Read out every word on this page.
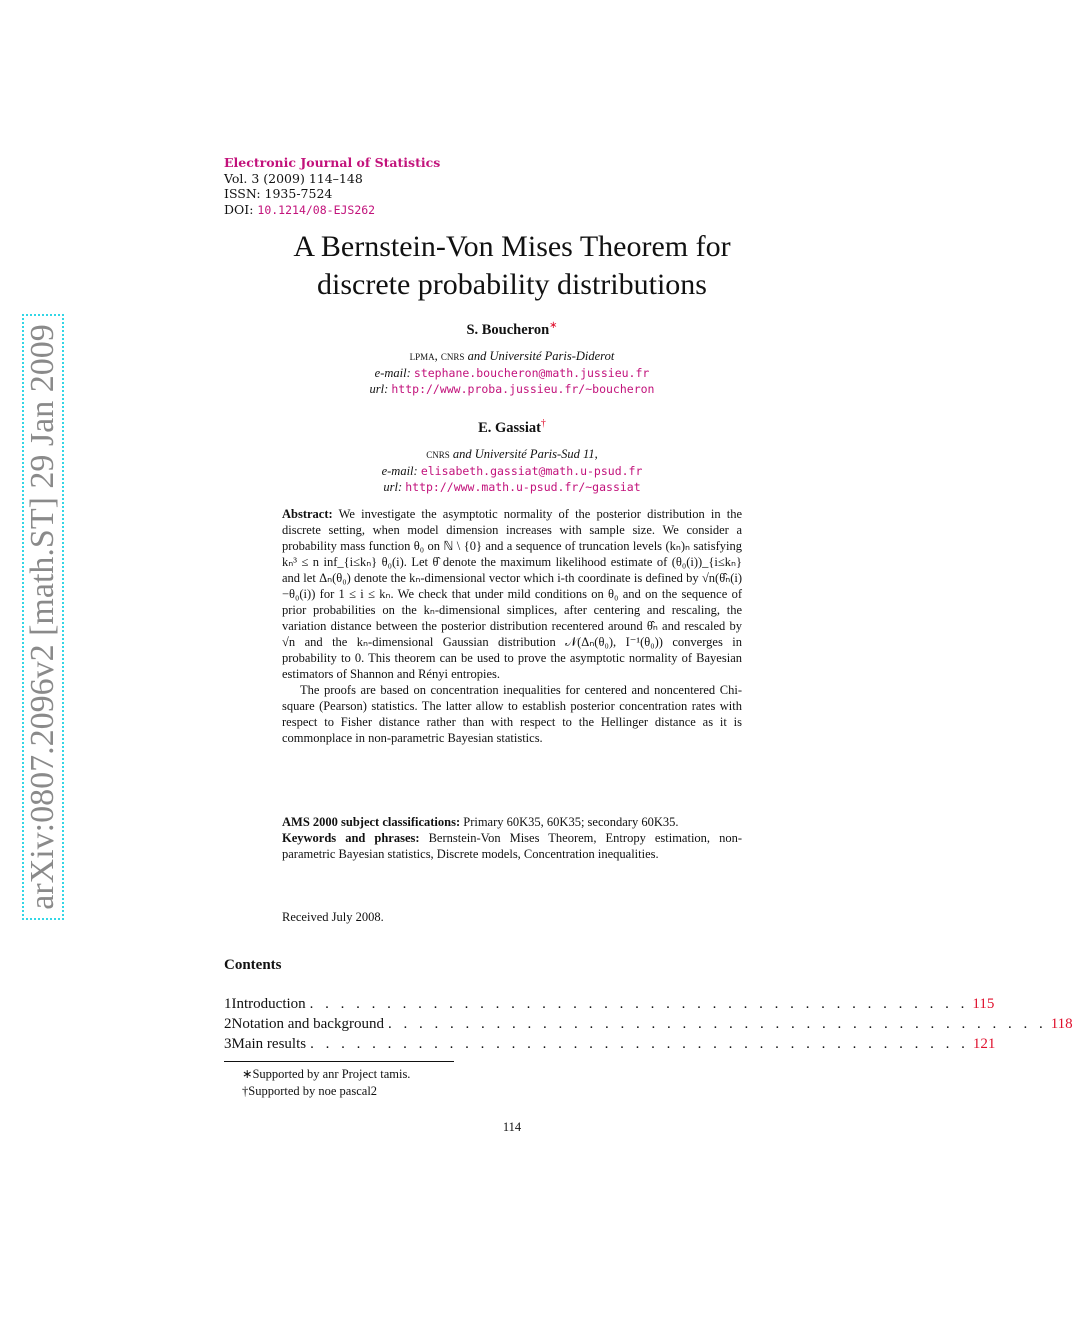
arXiv:0807.2096v2 [math.ST] 29 Jan 2009
Electronic Journal of Statistics
Vol. 3 (2009) 114–148
ISSN: 1935-7524
DOI: 10.1214/08-EJS262
A Bernstein-Von Mises Theorem for
discrete probability distributions
S. Boucheron∗
lpma, cnrs and Université Paris-Diderot
e-mail: stephane.boucheron@math.jussieu.fr
url: http://www.proba.jussieu.fr/~boucheron
E. Gassiat†
cnrs and Université Paris-Sud 11,
e-mail: elisabeth.gassiat@math.u-psud.fr
url: http://www.math.u-psud.fr/~gassiat

Abstract: We investigate the asymptotic normality of the posterior distribution in the discrete setting, when model dimension increases with sample size. We consider a probability mass function θ₀ on ℕ \ {0} and a sequence of truncation levels (kₙ)ₙ satisfying kₙ³ ≤ n inf_{i≤kₙ} θ₀(i). Let θ̂ denote the maximum likelihood estimate of (θ₀(i))_{i≤kₙ} and let Δₙ(θ₀) denote the kₙ-dimensional vector which i-th coordinate is defined by √n(θ̂ₙ(i)−θ₀(i)) for 1 ≤ i ≤ kₙ. We check that under mild conditions on θ₀ and on the sequence of prior probabilities on the kₙ-dimensional simplices, after centering and rescaling, the variation distance between the posterior distribution recentered around θ̂ₙ and rescaled by √n and the kₙ-dimensional Gaussian distribution 𝒩(Δₙ(θ₀), I⁻¹(θ₀)) converges in probability to 0. This theorem can be used to prove the asymptotic normality of Bayesian estimators of Shannon and Rényi entropies.

The proofs are based on concentration inequalities for centered and noncentered Chi-square (Pearson) statistics. The latter allow to establish posterior concentration rates with respect to Fisher distance rather than with respect to the Hellinger distance as it is commonplace in non-parametric Bayesian statistics.

AMS 2000 subject classifications: Primary 60K35, 60K35; secondary 60K35.

Keywords and phrases: Bernstein-Von Mises Theorem, Entropy estimation, non-parametric Bayesian statistics, Discrete models, Concentration inequalities.

Received July 2008.
Contents
1 Introduction . . . . . . . . . . . . . . . . . . . . . . . . . . . . . . . . . . . . . . . . . . . 115
2 Notation and background . . . . . . . . . . . . . . . . . . . . . . . . . . . . . . . . . . . . . . . . . . . 118
3 Main results . . . . . . . . . . . . . . . . . . . . . . . . . . . . . . . . . . . . . . . . . . . 121
∗Supported by anr Project tamis.
†Supported by noe pascal2
114
